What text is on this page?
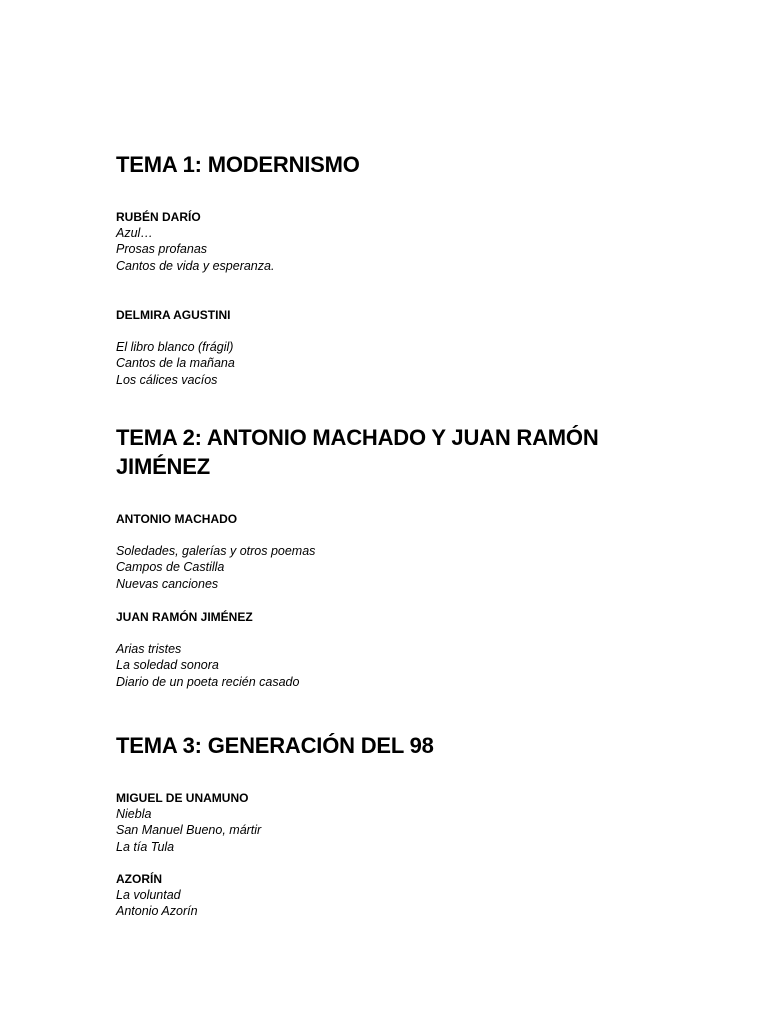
TEMA 1: MODERNISMO

RUBÉN DARÍO

Azul…
Prosas profanas
Cantos de vida y esperanza.

DELMIRA AGUSTINI

El libro blanco (frágil)
Cantos de la mañana
Los cálices vacíos
TEMA 2: ANTONIO MACHADO Y JUAN RAMÓN JIMÉNEZ

ANTONIO MACHADO

Soledades, galerías y otros poemas
Campos de Castilla
Nuevas canciones

JUAN RAMÓN JIMÉNEZ

Arias tristes
La soledad sonora
Diario de un poeta recién casado
TEMA 3: GENERACIÓN DEL 98

MIGUEL DE UNAMUNO

Niebla
San Manuel Bueno, mártir
La tía Tula

AZORÍN

La voluntad
Antonio Azorín
